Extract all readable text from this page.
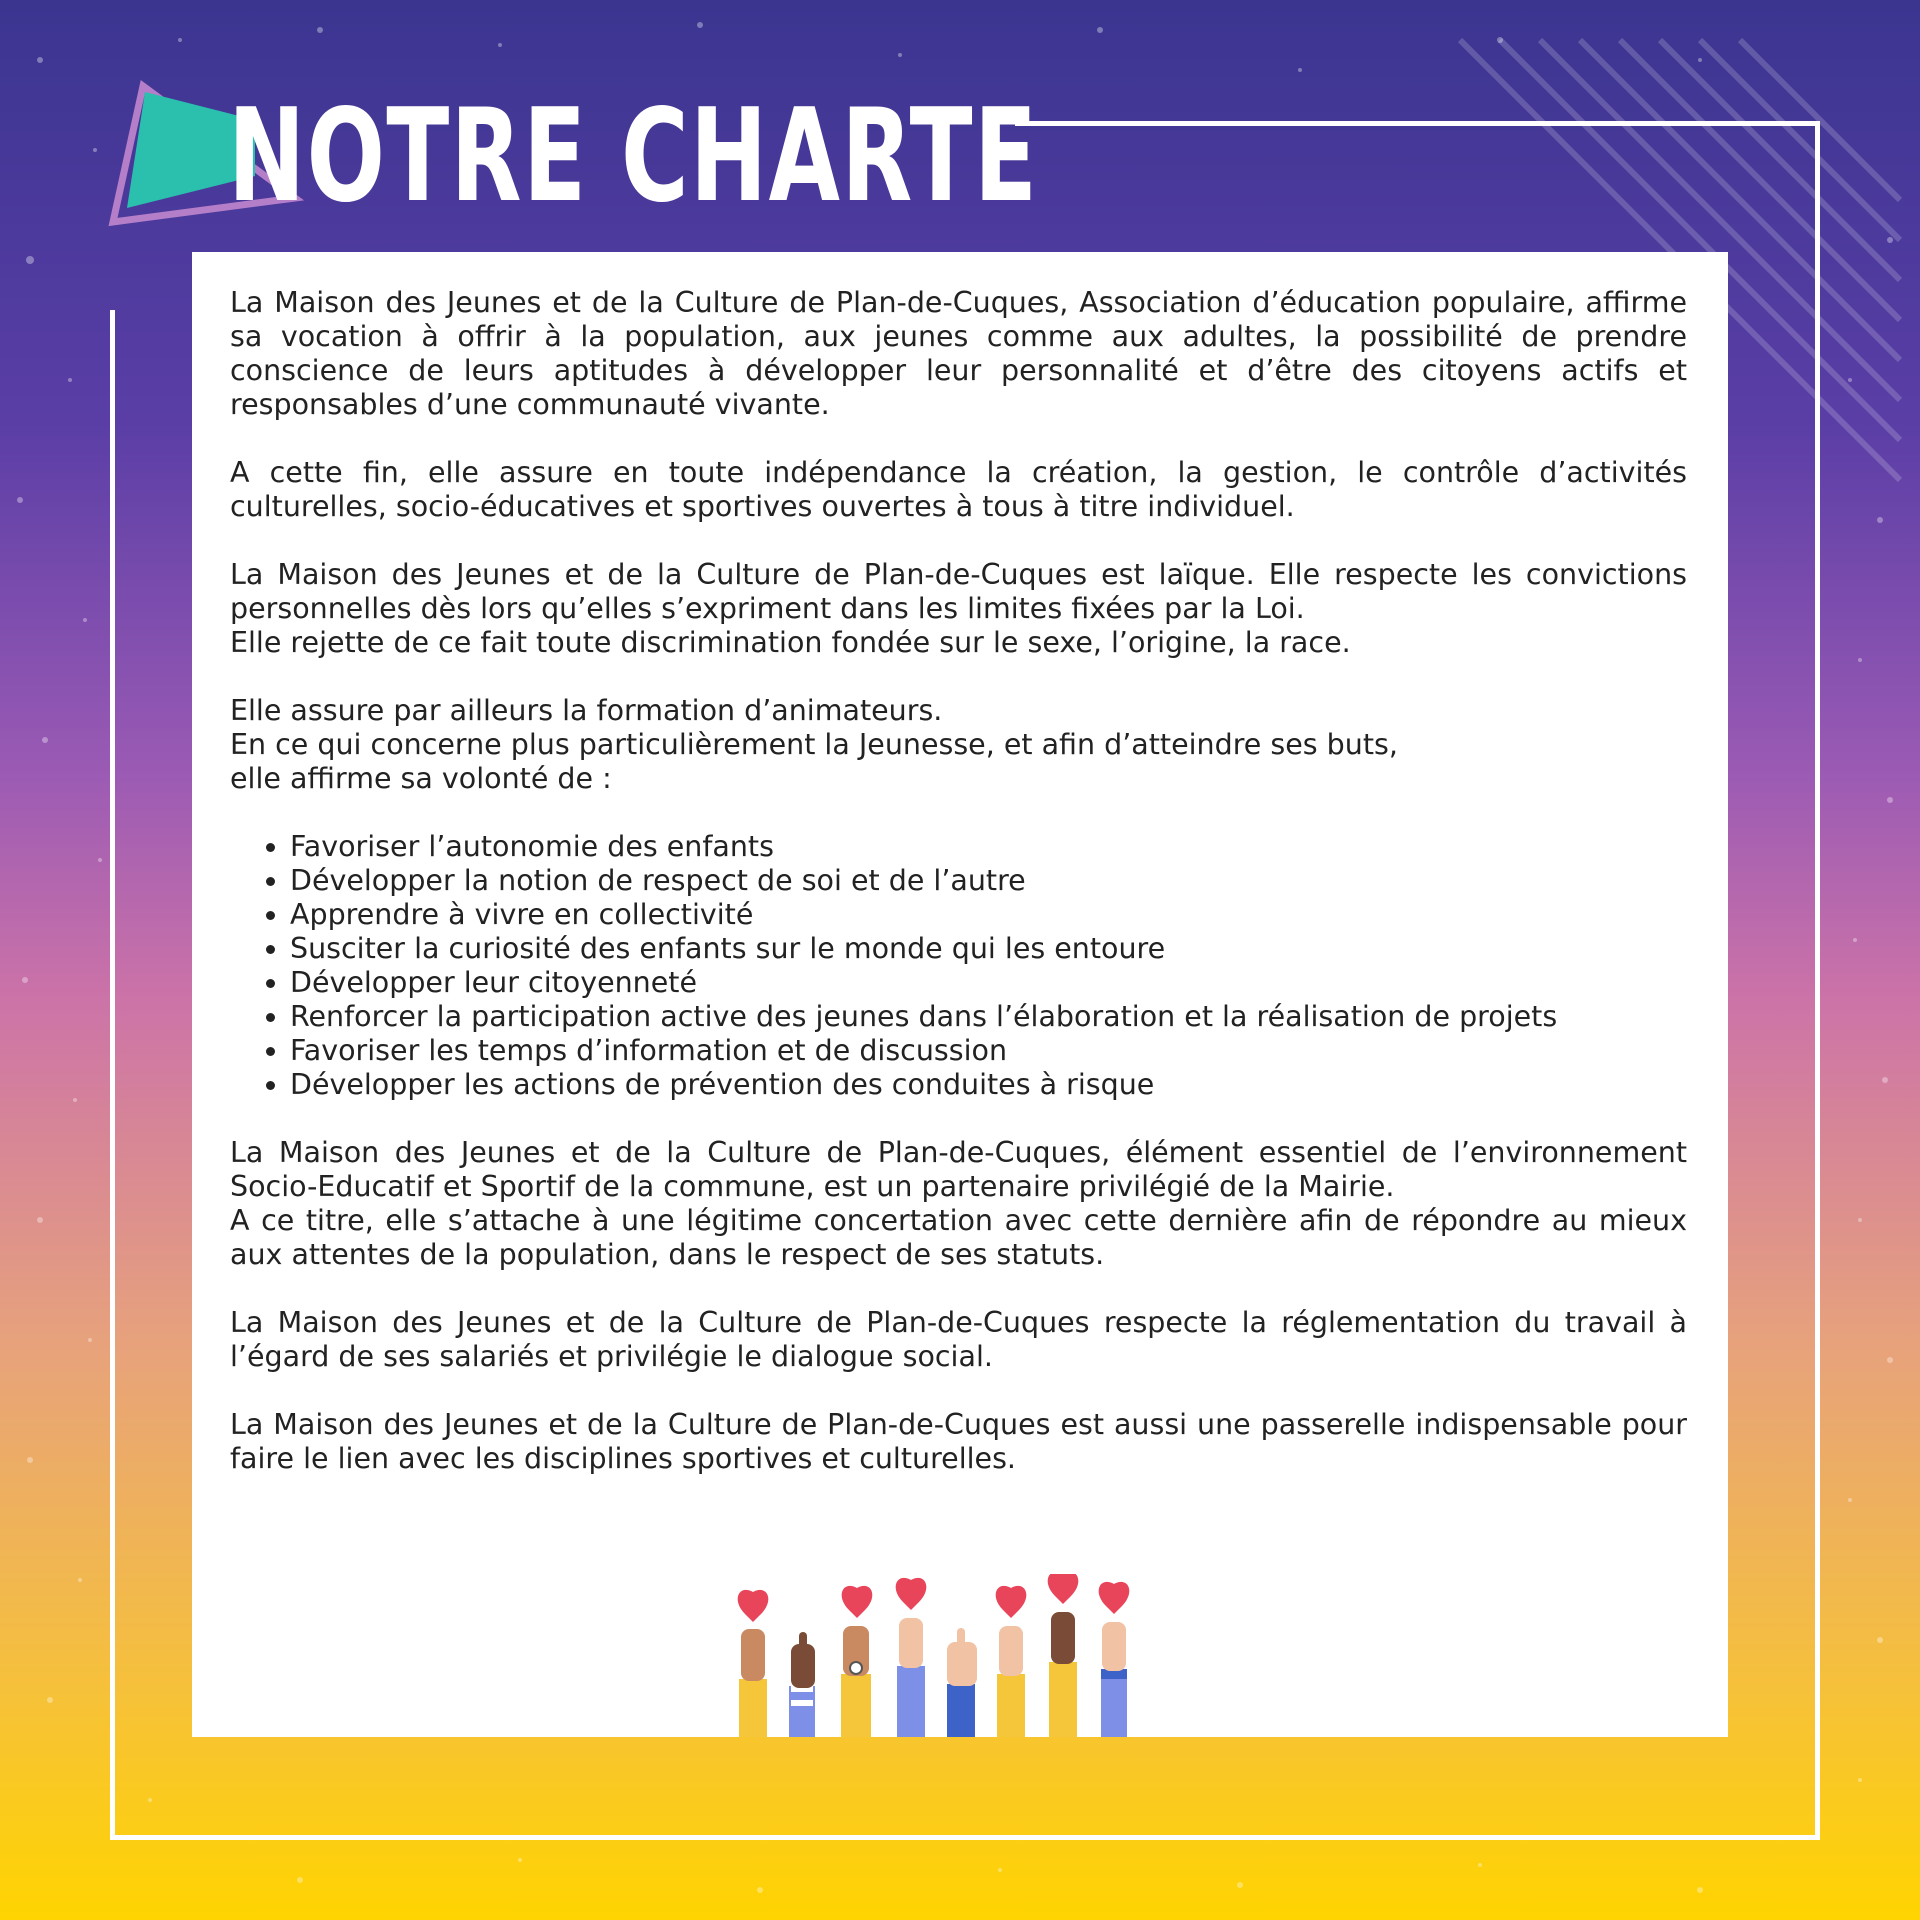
NOTRE CHARTE

La Maison des Jeunes et de la Culture de Plan-de-Cuques, Association d’éducation populaire, affirme sa vocation à offrir à la population, aux jeunes comme aux adultes, la possibilité de prendre conscience de leurs aptitudes à développer leur personnalité et d’être des citoyens actifs et responsables d’une communauté vivante.

A cette fin, elle assure en toute indépendance la création, la gestion, le contrôle d’activités culturelles, socio-éducatives et sportives ouvertes à tous à titre individuel.

La Maison des Jeunes et de la Culture de Plan-de-Cuques est laïque. Elle respecte les convictions personnelles dès lors qu’elles s’expriment dans les limites fixées par la Loi.
Elle rejette de ce fait toute discrimination fondée sur le sexe, l’origine, la race.

Elle assure par ailleurs la formation d’animateurs.
En ce qui concerne plus particulièrement la Jeunesse, et afin d’atteindre ses buts,
elle affirme sa volonté de :

• Favoriser l’autonomie des enfants
• Développer la notion de respect de soi et de l’autre
• Apprendre à vivre en collectivité
• Susciter la curiosité des enfants sur le monde qui les entoure
• Développer leur citoyenneté
• Renforcer la participation active des jeunes dans l’élaboration et la réalisation de projets
• Favoriser les temps d’information et de discussion
• Développer les actions de prévention des conduites à risque

La Maison des Jeunes et de la Culture de Plan-de-Cuques, élément essentiel de l’environnement Socio-Educatif et Sportif de la commune, est un partenaire privilégié de la Mairie.
A ce titre, elle s’attache à une légitime concertation avec cette dernière afin de répondre au mieux aux attentes de la population, dans le respect de ses statuts.

La Maison des Jeunes et de la Culture de Plan-de-Cuques respecte la réglementation du travail à l’égard de ses salariés et privilégie le dialogue social.

La Maison des Jeunes et de la Culture de Plan-de-Cuques est aussi une passerelle indispensable pour faire le lien avec les disciplines sportives et culturelles.
